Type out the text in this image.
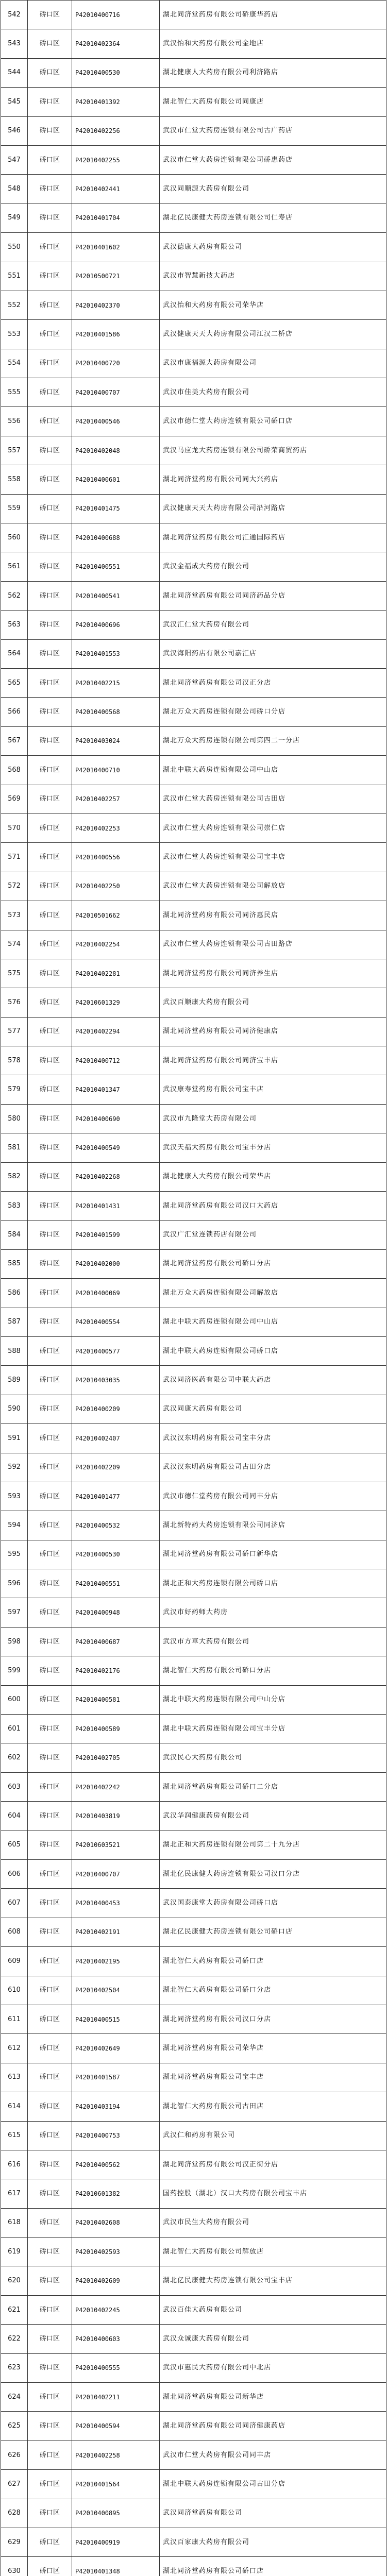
542	硚口区	P42010400716	湖北同济堂药房有限公司硚康华药店
543	硚口区	P42010402364	武汉怡和大药房有限公司金地店
544	硚口区	P42010400530	湖北健康人大药房有限公司利济路店
545	硚口区	P42010401392	湖北智仁大药房有限公司同康店
546	硚口区	P42010402256	武汉市仁堂大药房连锁有限公司古广药店
547	硚口区	P42010402255	武汉市仁堂大药房连锁有限公司硚惠药店
548	硚口区	P42010402441	武汉同顺源大药房有限公司
549	硚口区	P42010401704	湖北亿民康健大药房连锁有限公司仁寿店
550	硚口区	P42010401602	武汉德康大药房有限公司
551	硚口区	P42010500721	武汉市智慧新技大药店
552	硚口区	P42010402370	武汉怡和大药房有限公司荣华店
553	硚口区	P42010401586	武汉健康天天大药房有限公司江汉二桥店
554	硚口区	P42010400720	武汉市康福源大药房有限公司
555	硚口区	P42010400707	武汉市佳美大药房有限公司
556	硚口区	P42010400546	武汉市德仁堂大药房连锁有限公司硚口店
557	硚口区	P42010402048	武汉马应龙大药房连锁有限公司硚荣商贸药店
558	硚口区	P42010400601	湖北同济堂药房有限公司同大兴药店
559	硚口区	P42010401475	武汉健康天天大药房有限公司沿河路店
560	硚口区	P42010400688	湖北同济堂药房有限公司汇通国际药店
561	硚口区	P42010400551	武汉金福成大药房有限公司
562	硚口区	P42010400541	湖北同济堂药房有限公司同济药品分店
563	硚口区	P42010400696	武汉汇仁堂大药房有限公司
564	硚口区	P42010401553	武汉海阳药店有限公司嘉汇店
565	硚口区	P42010402215	湖北同济堂药房有限公司汉正分店
566	硚口区	P42010400568	湖北万众大药房连锁有限公司硚口分店
567	硚口区	P42010403024	湖北万众大药房连锁有限公司第四二一分店
568	硚口区	P42010400710	湖北中联大药房连锁有限公司中山店
569	硚口区	P42010402257	武汉市仁堂大药房连锁有限公司古田店
570	硚口区	P42010402253	武汉市仁堂大药房连锁有限公司崇仁店
571	硚口区	P42010400556	武汉市仁堂大药房连锁有限公司宝丰店
572	硚口区	P42010402250	武汉市仁堂大药房连锁有限公司解放店
573	硚口区	P42010501662	湖北同济堂药房有限公司同济惠民店
574	硚口区	P42010402254	武汉市仁堂大药房连锁有限公司古田路店
575	硚口区	P42010402281	湖北同济堂药房有限公司同济养生店
576	硚口区	P42010601329	武汉百顺康大药房有限公司
577	硚口区	P42010402294	湖北同济堂药房有限公司同济健康店
578	硚口区	P42010400712	湖北同济堂药房有限公司同济宝丰店
579	硚口区	P42010401347	武汉康寿堂药房有限公司宝丰店
580	硚口区	P42010400690	武汉市九隆堂大药房有限公司
581	硚口区	P42010400549	武汉天福大药房有限公司宝丰分店
582	硚口区	P42010402268	湖北健康人大药房有限公司荣华店
583	硚口区	P42010401431	湖北同济堂药房有限公司汉口大药店
584	硚口区	P42010401599	武汉广汇堂连锁药店有限公司
585	硚口区	P42010402000	湖北同济堂药房有限公司硚口分店
586	硚口区	P42010400069	湖北万众大药房连锁有限公司解放店
587	硚口区	P42010400554	湖北中联大药房连锁有限公司中山店
588	硚口区	P42010400577	湖北中联大药房连锁有限公司硚口店
589	硚口区	P42010403035	武汉同济医药有限公司中联大药店
590	硚口区	P42010400209	武汉同康大药房有限公司
591	硚口区	P42010402407	武汉汉东明药房有限公司宝丰分店
592	硚口区	P42010402209	武汉汉东明药房有限公司古田分店
593	硚口区	P42010401477	武汉市德仁堂药房有限公司同丰分店
594	硚口区	P42010400532	湖北新特药大药房连锁有限公司同济店
595	硚口区	P42010400530	湖北同济堂药房有限公司硚口新华店
596	硚口区	P42010400551	湖北正和大药房连锁有限公司硚口店
597	硚口区	P42010400948	武汉市好药师大药房
598	硚口区	P42010400687	武汉市方草大药房有限公司
599	硚口区	P42010402176	湖北智仁大药房有限公司硚口分店
600	硚口区	P42010400581	湖北中联大药房连锁有限公司中山分店
601	硚口区	P42010400589	湖北中联大药房连锁有限公司宝丰分店
602	硚口区	P42010402705	武汉民心大药房有限公司
603	硚口区	P42010402242	湖北同济堂药房有限公司硚口二分店
604	硚口区	P42010403819	武汉华润健康药房有限公司
605	硚口区	P42010603521	湖北正和大药房连锁有限公司第二十九分店
606	硚口区	P42010400707	湖北亿民康健大药房连锁有限公司汉口分店
607	硚口区	P42010400453	武汉国泰康堂大药房有限公司硚口店
608	硚口区	P42010402191	湖北亿民康健大药房连锁有限公司硚口店
609	硚口区	P42010402195	湖北智仁大药房有限公司硚口店
610	硚口区	P42010402504	湖北智仁大药房有限公司硚口分店
611	硚口区	P42010400515	湖北同济堂药房有限公司汉口分店
612	硚口区	P42010402649	湖北同济堂药房有限公司荣华店
613	硚口区	P42010401587	湖北同济堂药房有限公司宝丰店
614	硚口区	P42010403194	湖北智仁大药房有限公司古田店
615	硚口区	P42010400753	武汉仁和药房有限公司
616	硚口区	P42010400562	湖北同济堂药房有限公司汉正街分店
617	硚口区	P42010601382	国药控股（湖北）汉口大药房有限公司宝丰店
618	硚口区	P42010402608	武汉市民生大药房有限公司
619	硚口区	P42010402593	湖北智仁大药房有限公司解放店
620	硚口区	P42010402609	湖北亿民康健大药房连锁有限公司宝丰店
621	硚口区	P42010402245	武汉百佳大药房有限公司
622	硚口区	P42010400603	武汉众诚康大药房有限公司
623	硚口区	P42010400555	武汉市惠民大药房有限公司中北店
624	硚口区	P42010402211	湖北同济堂药房有限公司新华店
625	硚口区	P42010400594	湖北同济堂药房有限公司同济健康药店
626	硚口区	P42010402258	武汉市仁堂大药房有限公司同丰店
627	硚口区	P42010401564	湖北中联大药房连锁有限公司古田分店
628	硚口区	P42010400895	武汉同济堂药房有限公司
629	硚口区	P42010400919	武汉百家康大药房有限公司
630	硚口区	P42010401348	湖北同济堂药房有限公司硚口店
